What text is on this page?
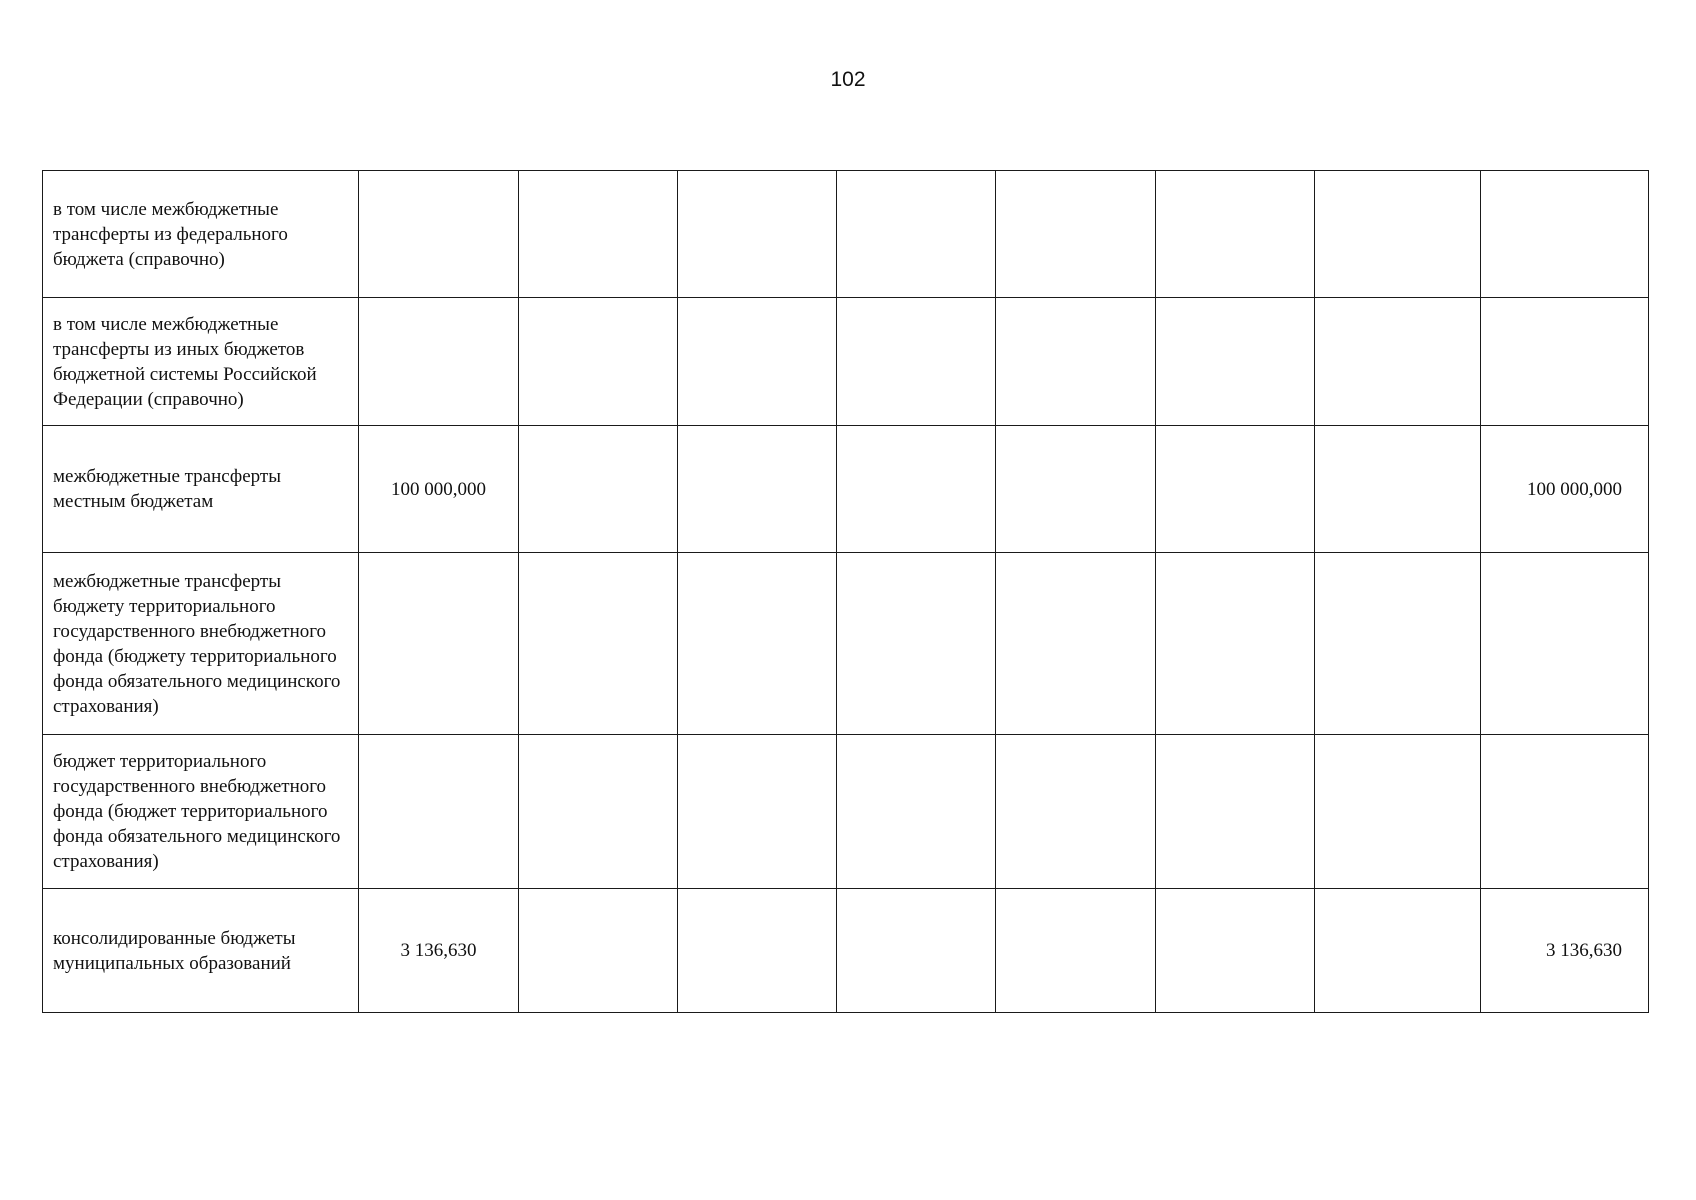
102
в том числе межбюджетные трансферты из федерального бюджета (справочно)								

в том числе межбюджетные трансферты из иных бюджетов бюджетной системы Российской Федерации (справочно)								

межбюджетные трансферты местным бюджетам	100 000,000							100 000,000

межбюджетные трансферты бюджету территориального государственного внебюджетного фонда (бюджету территориального фонда обязательного медицинского страхования)								

бюджет территориального государственного внебюджетного фонда (бюджет территориального фонда обязательного медицинского страхования)								

консолидированные бюджеты муниципальных образований	3 136,630							3 136,630
